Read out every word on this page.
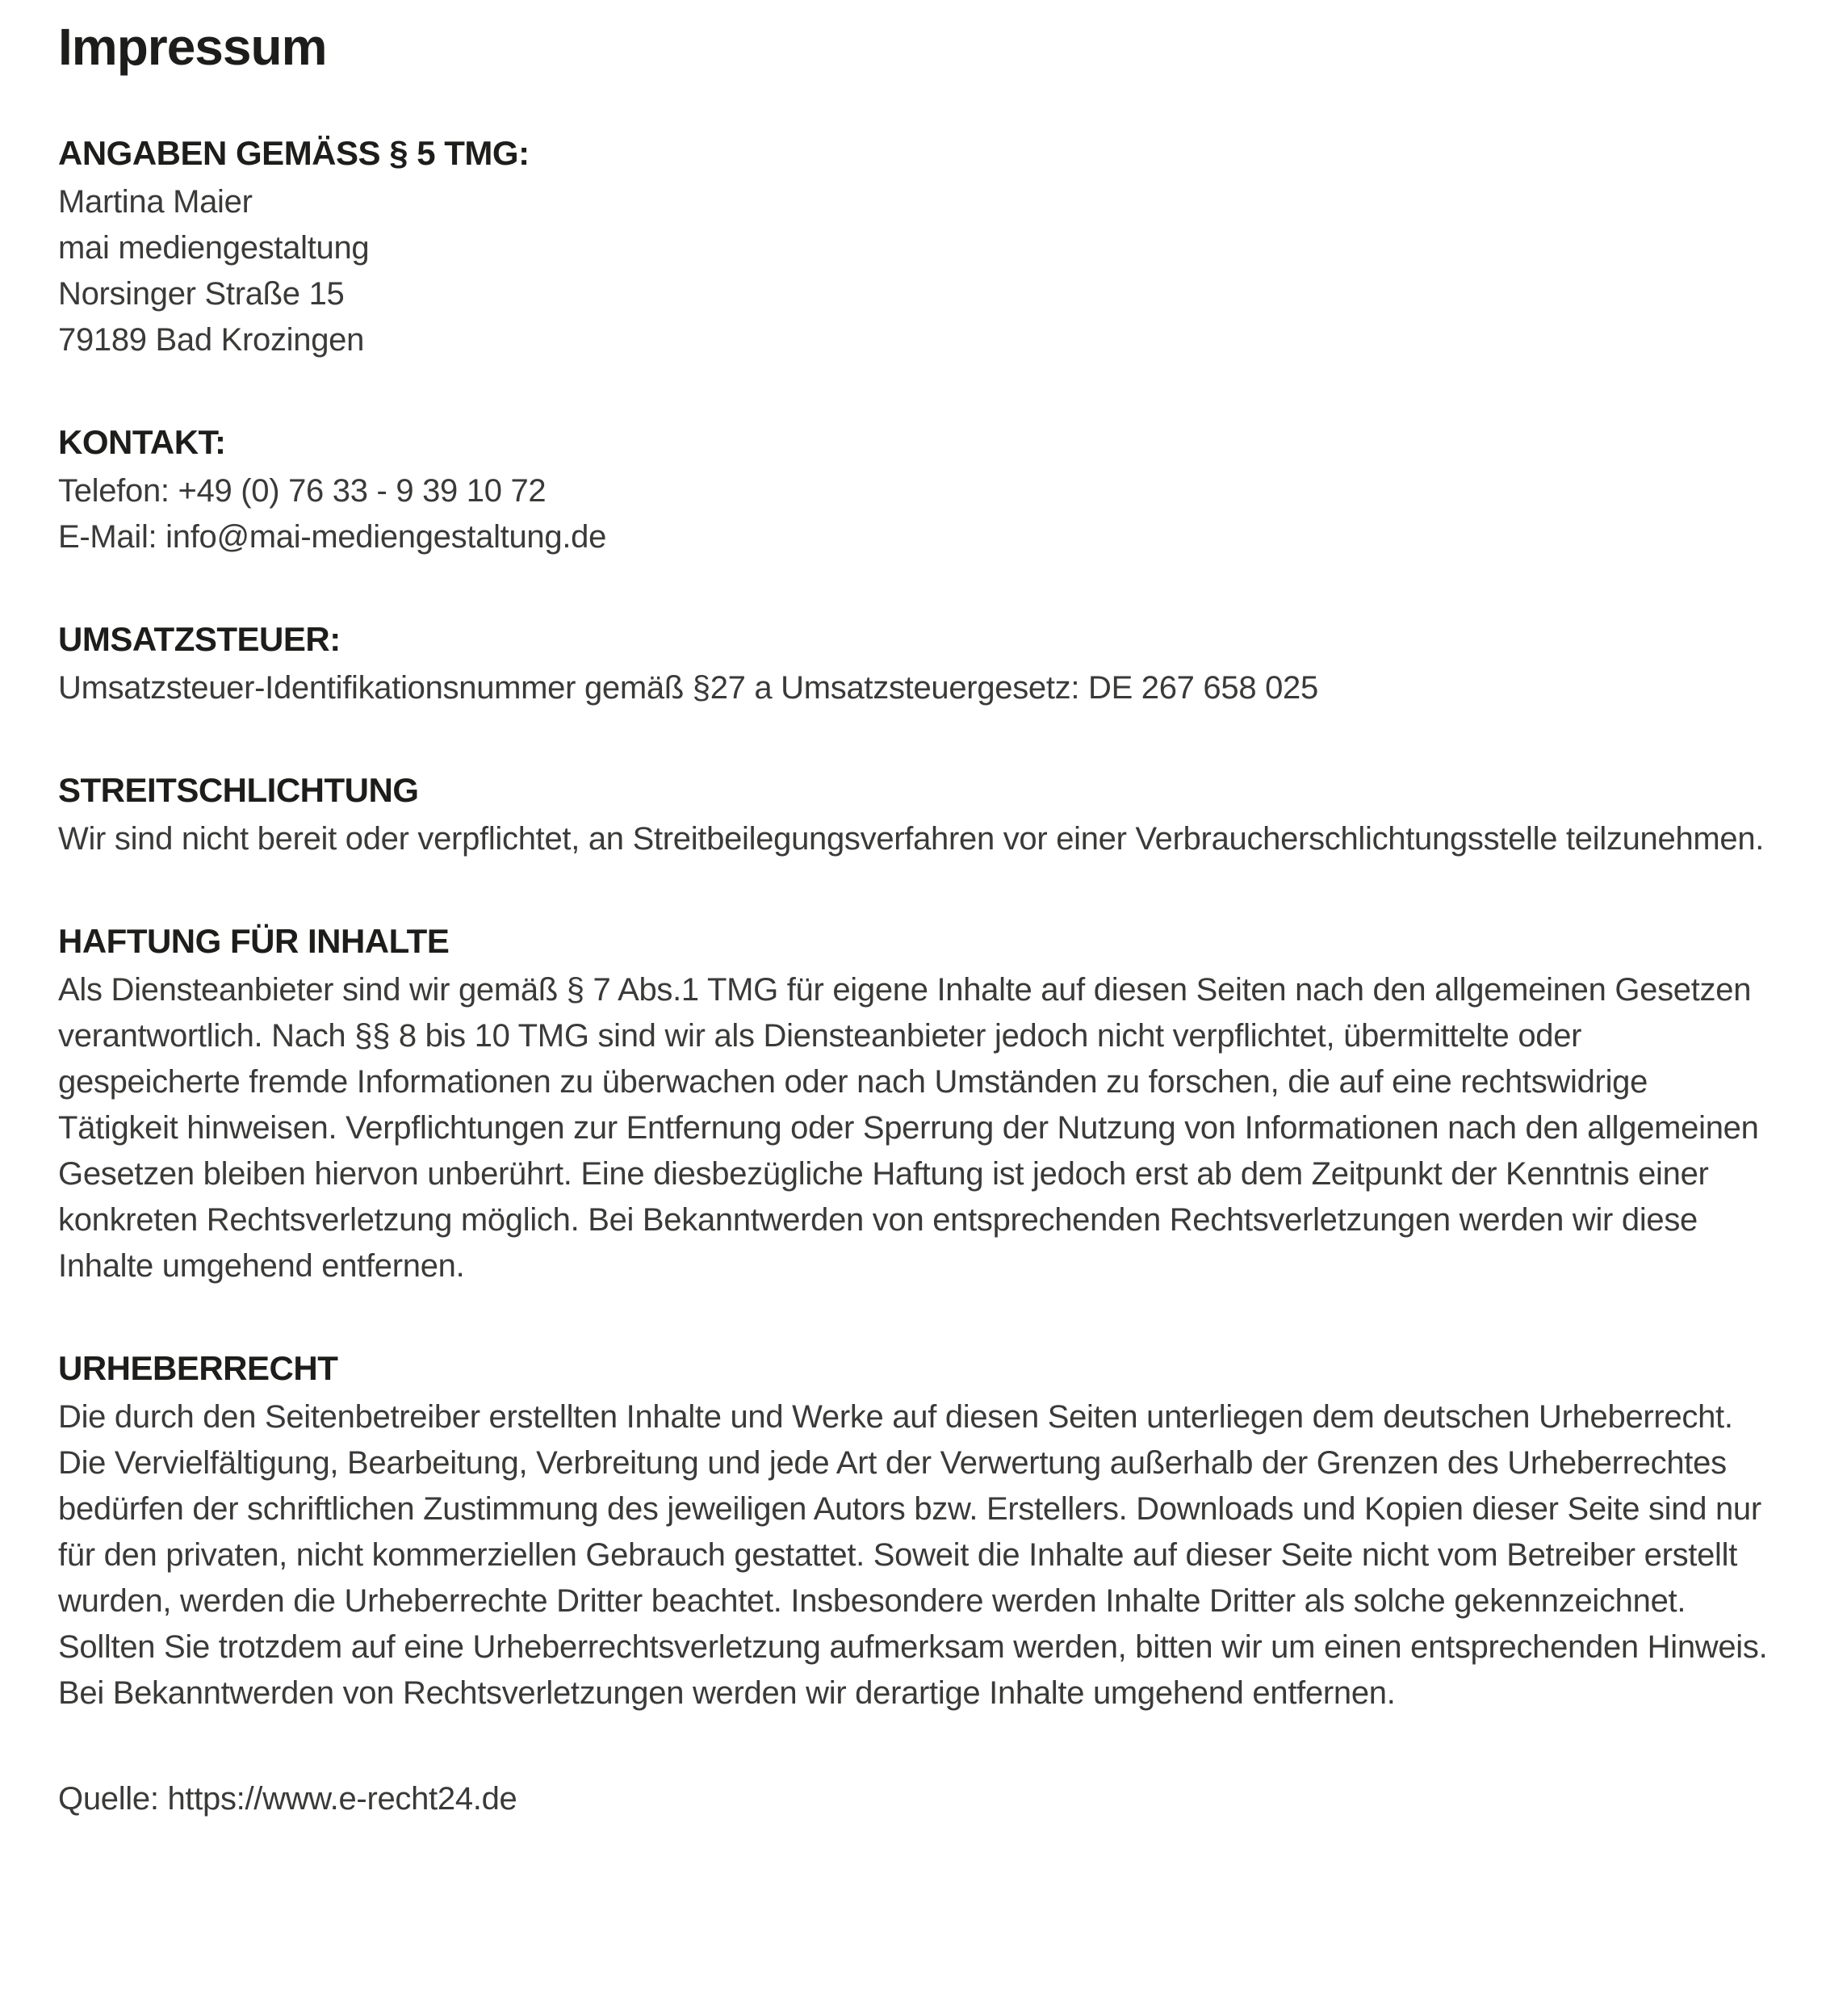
Impressum
ANGABEN GEMÄSS § 5 TMG:

Martina Maier

mai mediengestaltung

Norsinger Straße 15

79189 Bad Krozingen

KONTAKT:

Telefon: +49 (0) 76 33 - 9 39 10 72

E-Mail: info@mai-mediengestaltung.de

UMSATZSTEUER:

Umsatzsteuer-Identifikationsnummer gemäß §27 a Umsatzsteuergesetz: DE 267 658 025

STREITSCHLICHTUNG

Wir sind nicht bereit oder verpflichtet, an Streitbeilegungsverfahren vor einer Verbraucherschlichtungsstelle teilzunehmen.

HAFTUNG FÜR INHALTE

Als Diensteanbieter sind wir gemäß § 7 Abs.1 TMG für eigene Inhalte auf diesen Seiten nach den allgemeinen Gesetzen verantwortlich. Nach §§ 8 bis 10 TMG sind wir als Diensteanbieter jedoch nicht verpflichtet, übermittelte oder gespeicherte fremde Informationen zu überwachen oder nach Umständen zu forschen, die auf eine rechtswidrige Tätigkeit hinweisen. Verpflichtungen zur Entfernung oder Sperrung der Nutzung von Informationen nach den allgemeinen Gesetzen bleiben hiervon unberührt. Eine diesbezügliche Haftung ist jedoch erst ab dem Zeitpunkt der Kenntnis einer konkreten Rechtsverletzung möglich. Bei Bekanntwerden von entsprechenden Rechtsverletzungen werden wir diese Inhalte umgehend entfernen.

URHEBERRECHT

Die durch den Seitenbetreiber erstellten Inhalte und Werke auf diesen Seiten unterliegen dem deutschen Urheberrecht. Die Vervielfältigung, Bearbeitung, Verbreitung und jede Art der Verwertung außerhalb der Grenzen des Urheberrechtes bedürfen der schriftlichen Zustimmung des jeweiligen Autors bzw. Erstellers. Downloads und Kopien dieser Seite sind nur für den privaten, nicht kommerziellen Gebrauch gestattet. Soweit die Inhalte auf dieser Seite nicht vom Betreiber erstellt wurden, werden die Urheberrechte Dritter beachtet. Insbesondere werden Inhalte Dritter als solche gekennzeichnet. Sollten Sie trotzdem auf eine Urheberrechtsverletzung aufmerksam werden, bitten wir um einen entsprechenden Hinweis. Bei Bekanntwerden von Rechtsverletzungen werden wir derartige Inhalte umgehend entfernen.

Quelle: https://www.e-recht24.de
